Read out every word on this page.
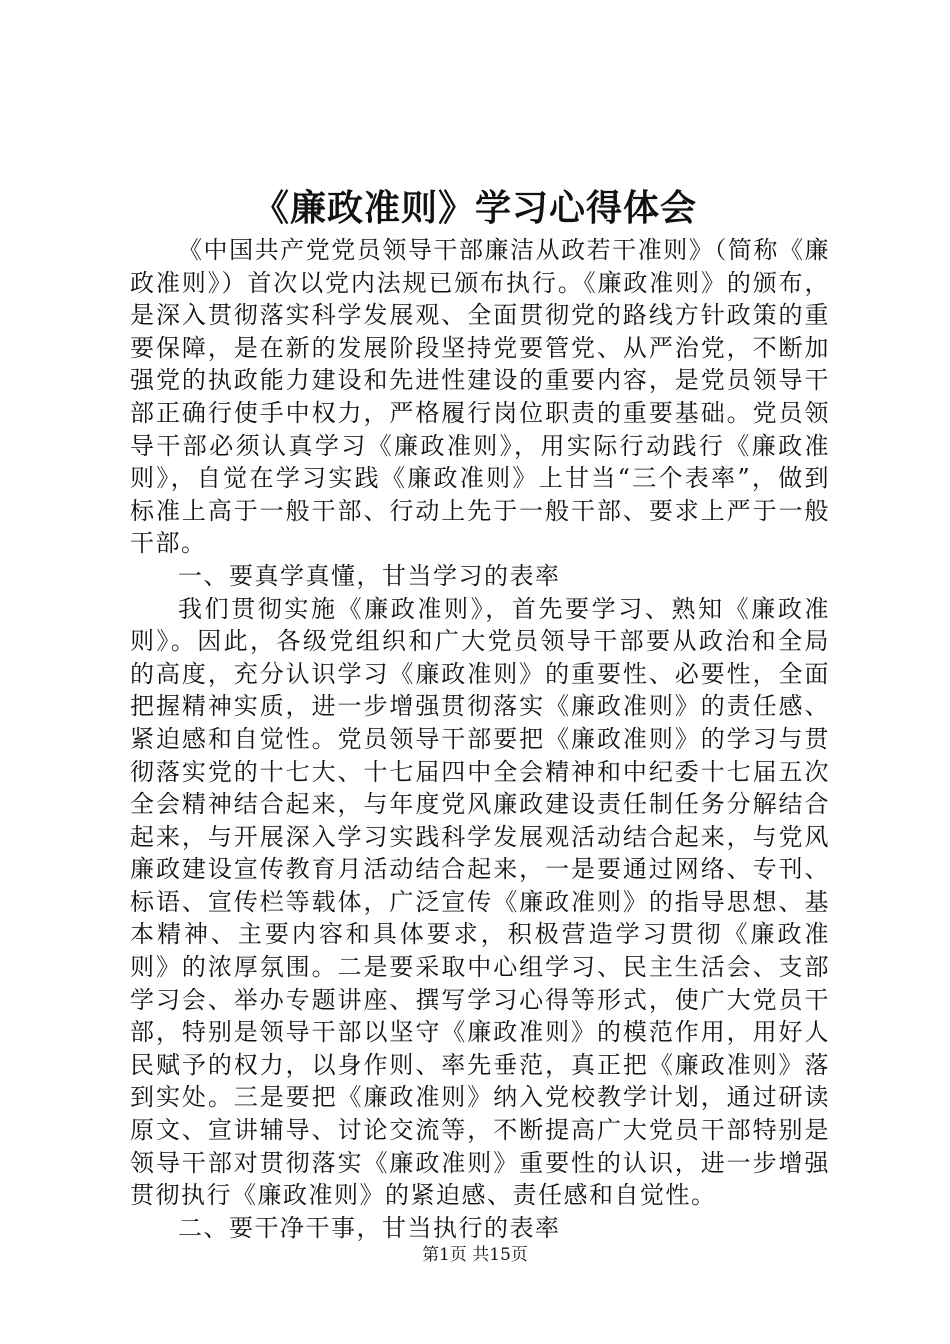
《廉政准则》学习心得体会

《中国共产党党员领导干部廉洁从政若干准则》（简称《廉政准则》）首次以党内法规已颁布执行。《廉政准则》的颁布，是深入贯彻落实科学发展观、全面贯彻党的路线方针政策的重要保障，是在新的发展阶段坚持党要管党、从严治党，不断加强党的执政能力建设和先进性建设的重要内容，是党员领导干部正确行使手中权力，严格履行岗位职责的重要基础。党员领导干部必须认真学习《廉政准则》，用实际行动践行《廉政准则》，自觉在学习实践《廉政准则》上甘当“三个表率”，做到标准上高于一般干部、行动上先于一般干部、要求上严于一般干部。

一、要真学真懂，甘当学习的表率

我们贯彻实施《廉政准则》，首先要学习、熟知《廉政准则》。因此，各级党组织和广大党员领导干部要从政治和全局的高度，充分认识学习《廉政准则》的重要性、必要性，全面把握精神实质，进一步增强贯彻落实《廉政准则》的责任感、紧迫感和自觉性。党员领导干部要把《廉政准则》的学习与贯彻落实党的十七大、十七届四中全会精神和中纪委十七届五次全会精神结合起来，与年度党风廉政建设责任制任务分解结合起来，与开展深入学习实践科学发展观活动结合起来，与党风廉政建设宣传教育月活动结合起来，一是要通过网络、专刊、标语、宣传栏等载体，广泛宣传《廉政准则》的指导思想、基本精神、主要内容和具体要求，积极营造学习贯彻《廉政准则》的浓厚氛围。二是要采取中心组学习、民主生活会、支部学习会、举办专题讲座、撰写学习心得等形式，使广大党员干部，特别是领导干部以坚守《廉政准则》的模范作用，用好人民赋予的权力，以身作则、率先垂范，真正把《廉政准则》落到实处。三是要把《廉政准则》纳入党校教学计划，通过研读原文、宣讲辅导、讨论交流等，不断提高广大党员干部特别是领导干部对贯彻落实《廉政准则》重要性的认识，进一步增强贯彻执行《廉政准则》的紧迫感、责任感和自觉性。

二、要干净干事，甘当执行的表率

第1页 共15页
